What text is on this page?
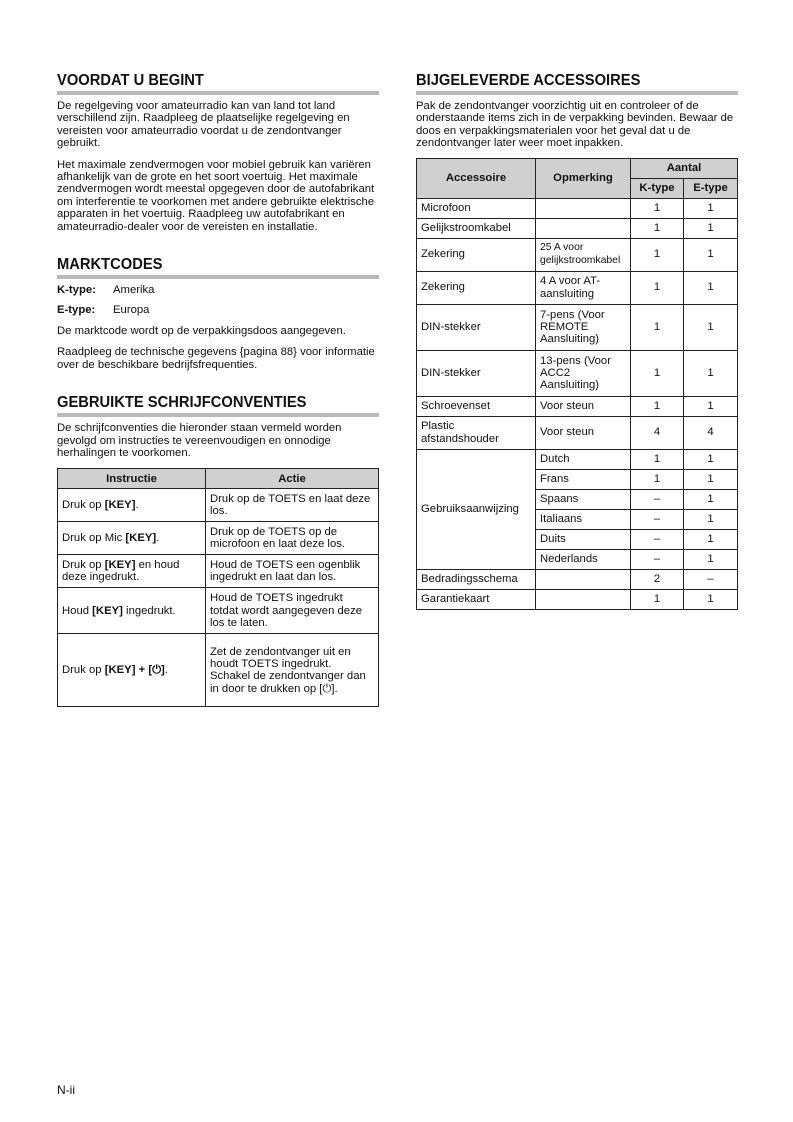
VOORDAT U BEGINT

De regelgeving voor amateurradio kan van land tot land verschillend zijn. Raadpleeg de plaatselijke regelgeving en vereisten voor amateurradio voordat u de zendontvanger gebruikt.

Het maximale zendvermogen voor mobiel gebruik kan variëren afhankelijk van de grote en het soort voertuig. Het maximale zendvermogen wordt meestal opgegeven door de autofabrikant om interferentie te voorkomen met andere gebruikte elektrische apparaten in het voertuig. Raadpleeg uw autofabrikant en amateurradio-dealer voor de vereisten en installatie.

MARKTCODES
K-type:	Amerika
E-type:	Europa

De marktcode wordt op de verpakkingsdoos aangegeven.

Raadpleeg de technische gegevens {pagina 88} voor informatie over de beschikbare bedrijfsfrequenties.

GEBRUIKTE SCHRIJFCONVENTIES

De schrijfconventies die hieronder staan vermeld worden gevolgd om instructies te vereenvoudigen en onnodige herhalingen te voorkomen.

Instructie	Actie
Druk op [KEY].	Druk op de TOETS en laat deze los.
Druk op Mic [KEY].	Druk op de TOETS op de microfoon en laat deze los.
Druk op [KEY] en houd deze ingedrukt.	Houd de TOETS een ogenblik ingedrukt en laat dan los.
Houd [KEY] ingedrukt.	Houd de TOETS ingedrukt totdat wordt aangegeven deze los te laten.
Druk op [KEY] + [⏻].	Zet de zendontvanger uit en houdt TOETS ingedrukt. Schakel de zendontvanger dan in door te drukken op [⏻].
BIJGELEVERDE ACCESSOIRES

Pak de zendontvanger voorzichtig uit en controleer of de onderstaande items zich in de verpakking bevinden. Bewaar de doos en verpakkingsmaterialen voor het geval dat u de zendontvanger later weer moet inpakken.

Accessoire	Opmerking	Aantal	
		K-type	E-type
Microfoon		1	1
Gelijkstroomkabel		1	1
Zekering	25 A voor gelijkstroomkabel	1	1
Zekering	4 A voor AT-aansluiting	1	1
DIN-stekker	7-pens (Voor REMOTE Aansluiting)	1	1
DIN-stekker	13-pens (Voor ACC2 Aansluiting)	1	1
Schroevenset	Voor steun	1	1
Plastic afstandshouder	Voor steun	4	4
Gebruiksaanwijzing	Dutch	1	1
	Frans	1	1
	Spaans	–	1
	Italiaans	–	1
	Duits	–	1
	Nederlands	–	1
Bedradingsschema		2	–
Garantiekaart		1	1
N-ii
